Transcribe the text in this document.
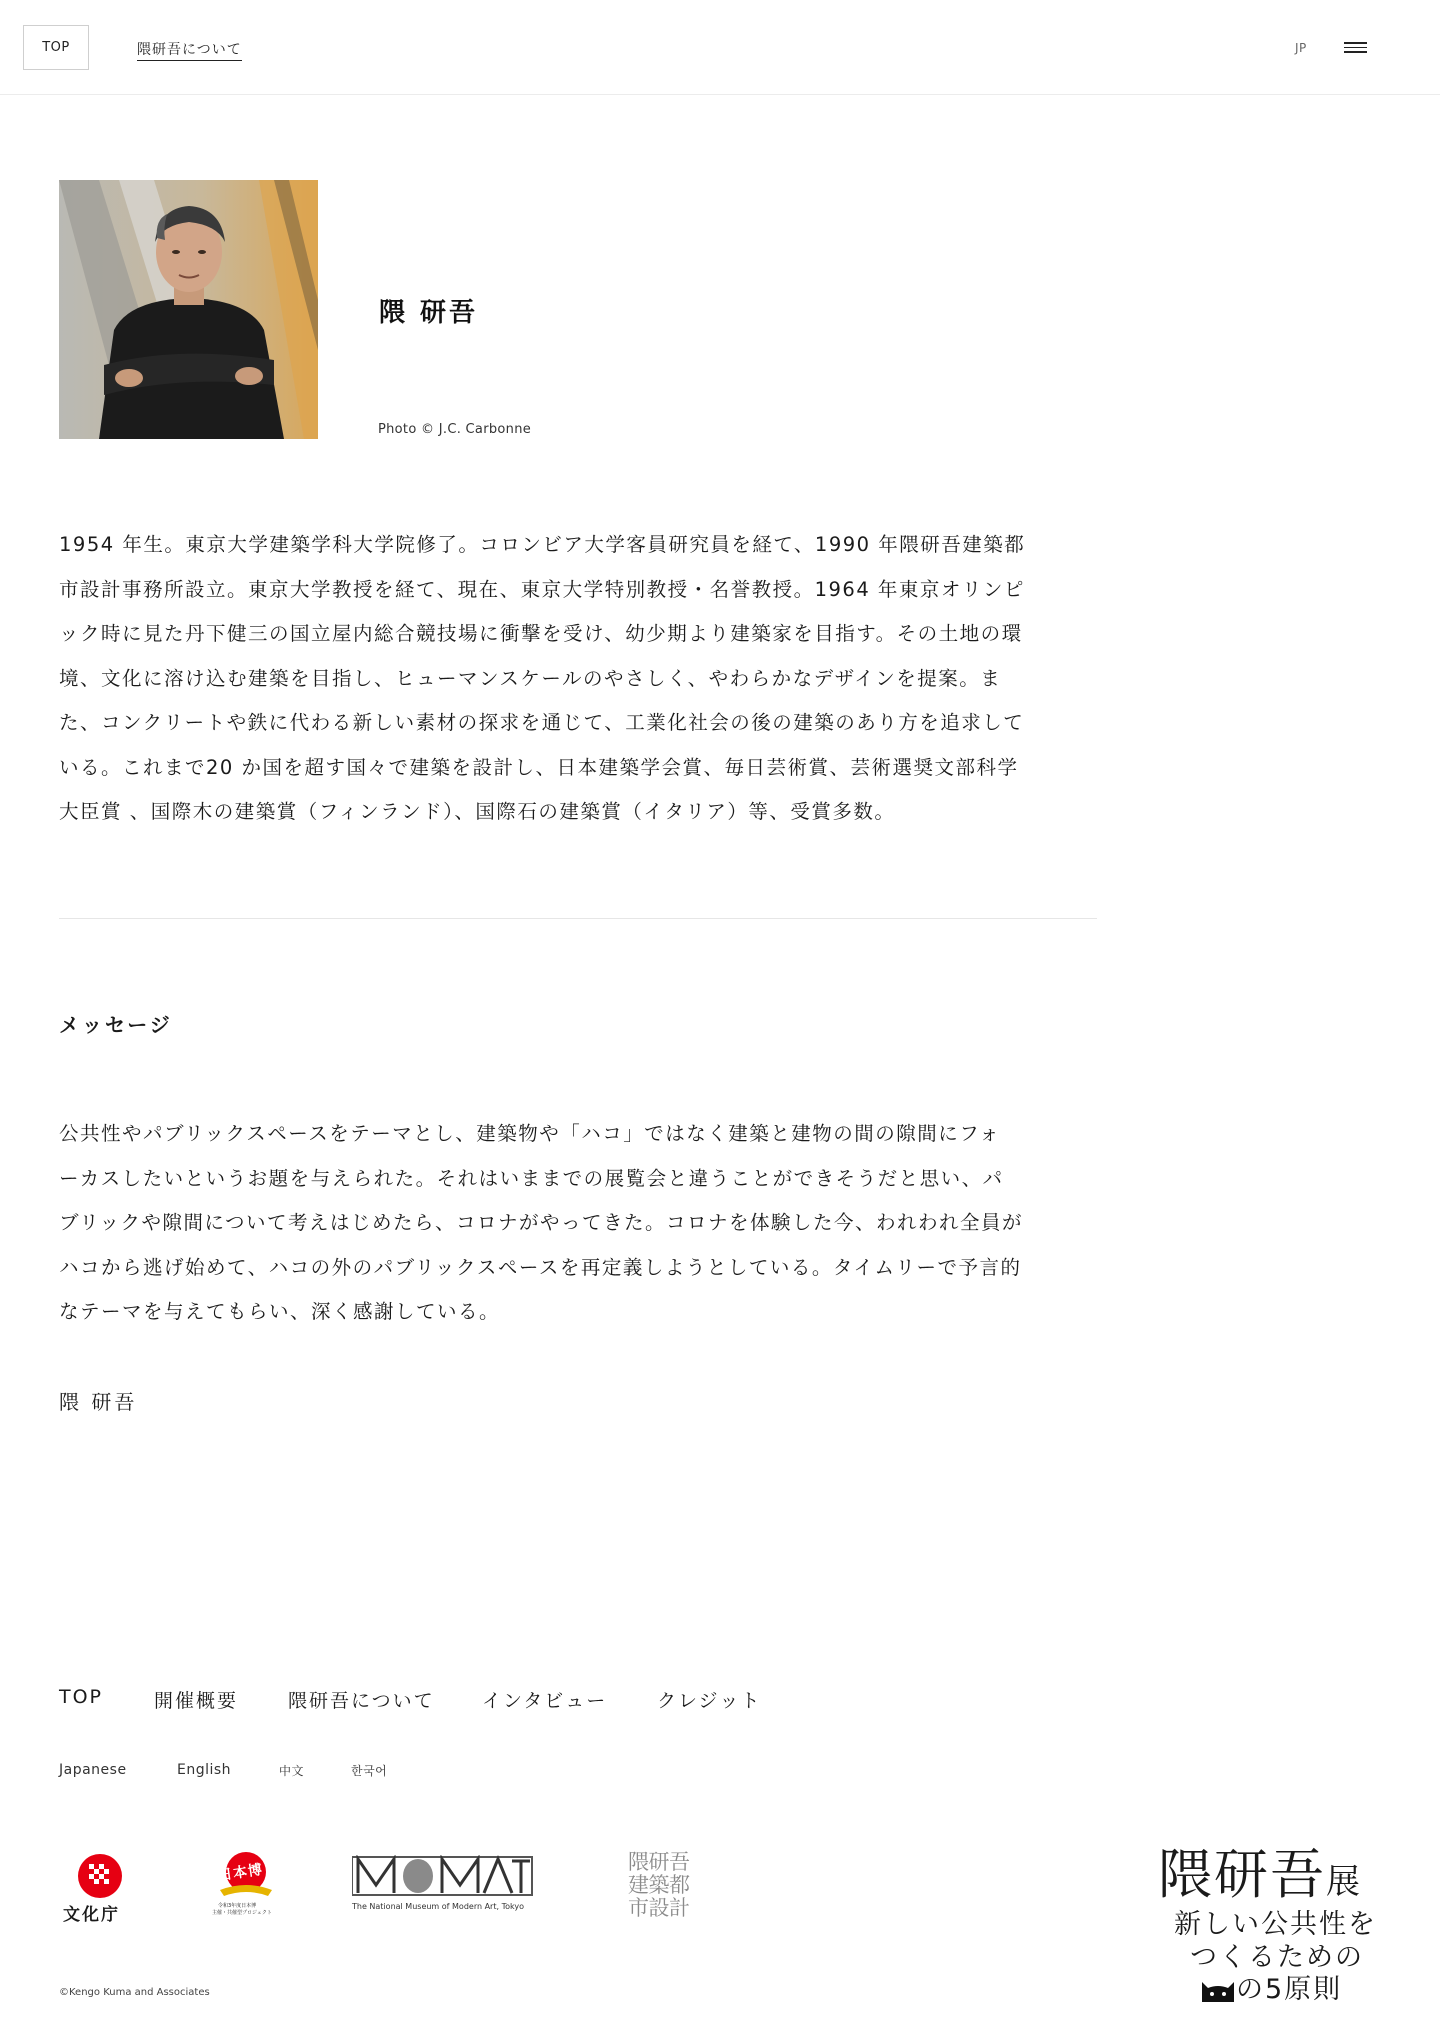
TOP	隈研吾について	JP
隈 研吾

Photo © J.C. Carbonne

1954 年生。東京大学建築学科大学院修了。コロンビア大学客員研究員を経て、1990 年隈研吾建築都
市設計事務所設立。東京大学教授を経て、現在、東京大学特別教授・名誉教授。1964 年東京オリンピ
ック時に見た丹下健三の国立屋内総合競技場に衝撃を受け、幼少期より建築家を目指す。その土地の環
境、文化に溶け込む建築を目指し、ヒューマンスケールのやさしく、やわらかなデザインを提案。ま
た、コンクリートや鉄に代わる新しい素材の探求を通じて、工業化社会の後の建築のあり方を追求して
いる。これまで20 か国を超す国々で建築を設計し、日本建築学会賞、毎日芸術賞、芸術選奨文部科学
大臣賞 、国際木の建築賞（フィンランド）、国際石の建築賞（イタリア）等、受賞多数。
メッセージ
公共性やパブリックスペースをテーマとし、建築物や「ハコ」ではなく建築と建物の間の隙間にフォ
ーカスしたいというお題を与えられた。それはいままでの展覧会と違うことができそうだと思い、パ
ブリックや隙間について考えはじめたら、コロナがやってきた。コロナを体験した今、われわれ全員が
ハコから逃げ始めて、ハコの外のパブリックスペースを再定義しようとしている。タイムリーで予言的
なテーマを与えてもらい、深く感謝している。

隈 研吾

TOP	開催概要	隈研吾について インタビュー	クレジット
Japanese	English	中文	한국어
文化庁
日本博
令和3年度日本博
主催・共催型プロジェクト
The National Museum of Modern Art, Tokyo
隈研吾
建築都
市設計
隈研吾展
新しい公共性を
つくるための
の5原則

©Kengo Kuma and Associates
